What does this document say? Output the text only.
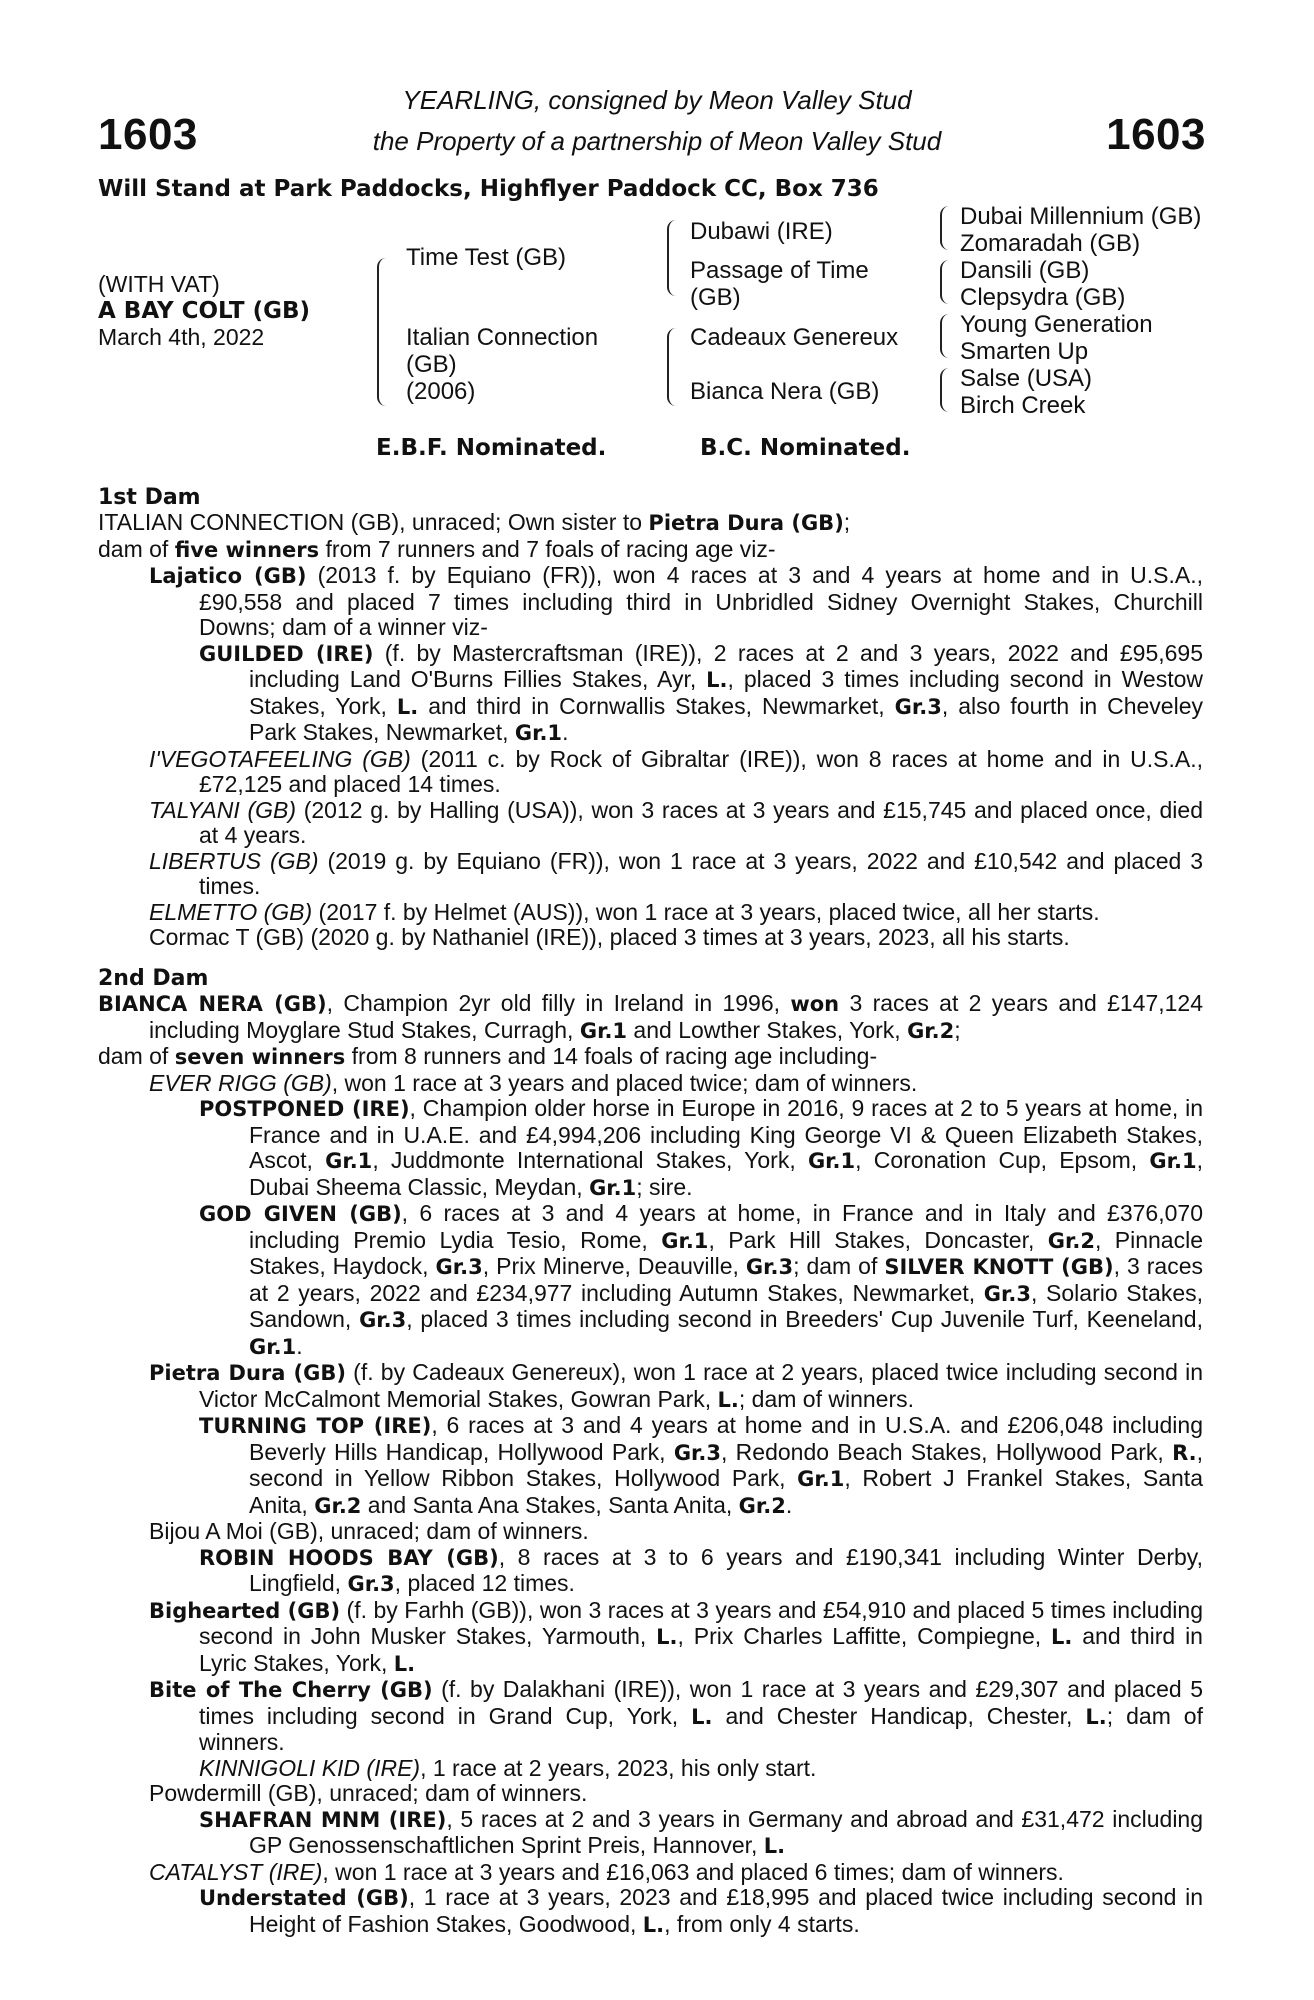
1603	1603
YEARLING, consigned by Meon Valley Stud
the Property of a partnership of Meon Valley Stud
Will Stand at Park Paddocks, Highflyer Paddock CC, Box 736
(WITH VAT)
A BAY COLT (GB)
March 4th, 2022
Time Test (GB)
Italian Connection
(GB)
(2006)
Dubawi (IRE)
Passage of Time
(GB)
Cadeaux Genereux
Bianca Nera (GB)
Dubai Millennium (GB)
Zomaradah (GB)
Dansili (GB)
Clepsydra (GB)
Young Generation
Smarten Up
Salse (USA)
Birch Creek
E.B.F. Nominated.	B.C. Nominated.
1st Dam

ITALIAN CONNECTION (GB), unraced; Own sister to Pietra Dura (GB);

dam of five winners from 7 runners and 7 foals of racing age viz-

Lajatico (GB) (2013 f. by Equiano (FR)), won 4 races at 3 and 4 years at home and in U.S.A., £90,558 and placed 7 times including third in Unbridled Sidney Overnight Stakes, Churchill Downs; dam of a winner viz-

GUILDED (IRE) (f. by Mastercraftsman (IRE)), 2 races at 2 and 3 years, 2022 and £95,695 including Land O'Burns Fillies Stakes, Ayr, L., placed 3 times including second in Westow Stakes, York, L. and third in Cornwallis Stakes, Newmarket, Gr.3, also fourth in Cheveley Park Stakes, Newmarket, Gr.1.

I'VEGOTAFEELING (GB) (2011 c. by Rock of Gibraltar (IRE)), won 8 races at home and in U.S.A., £72,125 and placed 14 times.

TALYANI (GB) (2012 g. by Halling (USA)), won 3 races at 3 years and £15,745 and placed once, died at 4 years.

LIBERTUS (GB) (2019 g. by Equiano (FR)), won 1 race at 3 years, 2022 and £10,542 and placed 3 times.

ELMETTO (GB) (2017 f. by Helmet (AUS)), won 1 race at 3 years, placed twice, all her starts.

Cormac T (GB) (2020 g. by Nathaniel (IRE)), placed 3 times at 3 years, 2023, all his starts.

2nd Dam

BIANCA NERA (GB), Champion 2yr old filly in Ireland in 1996, won 3 races at 2 years and £147,124 including Moyglare Stud Stakes, Curragh, Gr.1 and Lowther Stakes, York, Gr.2;

dam of seven winners from 8 runners and 14 foals of racing age including-

EVER RIGG (GB), won 1 race at 3 years and placed twice; dam of winners.

POSTPONED (IRE), Champion older horse in Europe in 2016, 9 races at 2 to 5 years at home, in France and in U.A.E. and £4,994,206 including King George VI & Queen Elizabeth Stakes, Ascot, Gr.1, Juddmonte International Stakes, York, Gr.1, Coronation Cup, Epsom, Gr.1, Dubai Sheema Classic, Meydan, Gr.1; sire.

GOD GIVEN (GB), 6 races at 3 and 4 years at home, in France and in Italy and £376,070 including Premio Lydia Tesio, Rome, Gr.1, Park Hill Stakes, Doncaster, Gr.2, Pinnacle Stakes, Haydock, Gr.3, Prix Minerve, Deauville, Gr.3; dam of SILVER KNOTT (GB), 3 races at 2 years, 2022 and £234,977 including Autumn Stakes, Newmarket, Gr.3, Solario Stakes, Sandown, Gr.3, placed 3 times including second in Breeders' Cup Juvenile Turf, Keeneland, Gr.1.

Pietra Dura (GB) (f. by Cadeaux Genereux), won 1 race at 2 years, placed twice including second in Victor McCalmont Memorial Stakes, Gowran Park, L.; dam of winners.

TURNING TOP (IRE), 6 races at 3 and 4 years at home and in U.S.A. and £206,048 including Beverly Hills Handicap, Hollywood Park, Gr.3, Redondo Beach Stakes, Hollywood Park, R., second in Yellow Ribbon Stakes, Hollywood Park, Gr.1, Robert J Frankel Stakes, Santa Anita, Gr.2 and Santa Ana Stakes, Santa Anita, Gr.2.

Bijou A Moi (GB), unraced; dam of winners.

ROBIN HOODS BAY (GB), 8 races at 3 to 6 years and £190,341 including Winter Derby, Lingfield, Gr.3, placed 12 times.

Bighearted (GB) (f. by Farhh (GB)), won 3 races at 3 years and £54,910 and placed 5 times including second in John Musker Stakes, Yarmouth, L., Prix Charles Laffitte, Compiegne, L. and third in Lyric Stakes, York, L.

Bite of The Cherry (GB) (f. by Dalakhani (IRE)), won 1 race at 3 years and £29,307 and placed 5 times including second in Grand Cup, York, L. and Chester Handicap, Chester, L.; dam of winners.

KINNIGOLI KID (IRE), 1 race at 2 years, 2023, his only start.

Powdermill (GB), unraced; dam of winners.

SHAFRAN MNM (IRE), 5 races at 2 and 3 years in Germany and abroad and £31,472 including GP Genossenschaftlichen Sprint Preis, Hannover, L.

CATALYST (IRE), won 1 race at 3 years and £16,063 and placed 6 times; dam of winners.

Understated (GB), 1 race at 3 years, 2023 and £18,995 and placed twice including second in Height of Fashion Stakes, Goodwood, L., from only 4 starts.
